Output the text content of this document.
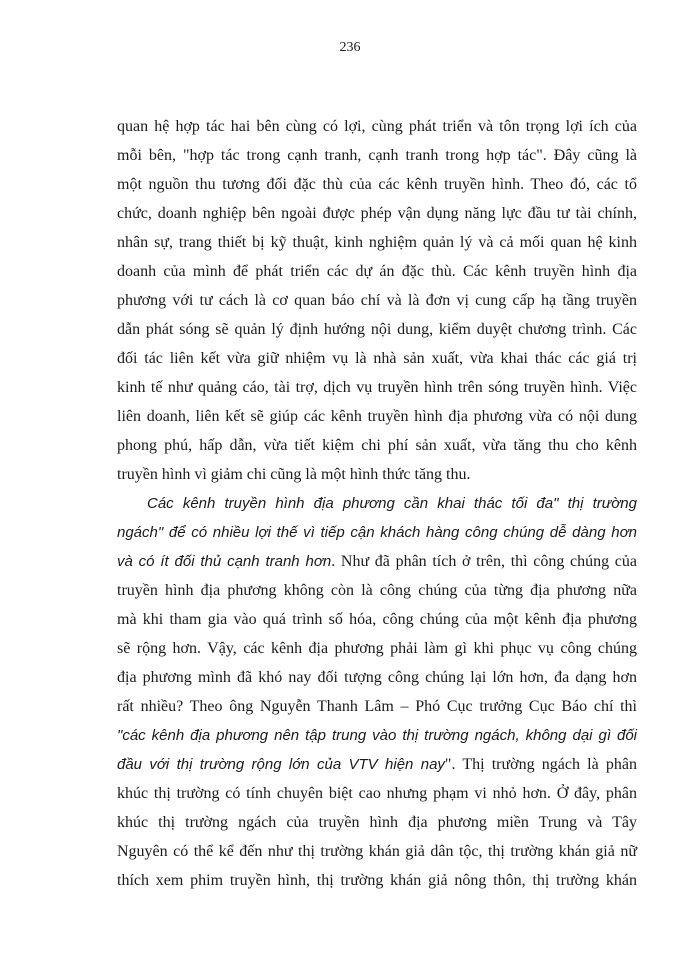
236
quan hệ hợp tác hai bên cùng có lợi, cùng phát triển và tôn trọng lợi ích của
mỗi bên, "hợp tác trong cạnh tranh, cạnh tranh trong hợp tác". Đây cũng là
một nguồn thu tương đối đặc thù của các kênh truyền hình. Theo đó, các tổ
chức, doanh nghiệp bên ngoài được phép vận dụng năng lực đầu tư tài chính,
nhân sự, trang thiết bị kỹ thuật, kinh nghiệm quản lý và cả mối quan hệ kinh
doanh của mình để phát triển các dự án đặc thù. Các kênh truyền hình địa
phương với tư cách là cơ quan báo chí và là đơn vị cung cấp hạ tầng truyền
dẫn phát sóng sẽ quản lý định hướng nội dung, kiểm duyệt chương trình. Các
đối tác liên kết vừa giữ nhiệm vụ là nhà sản xuất, vừa khai thác các giá trị
kinh tế như quảng cáo, tài trợ, dịch vụ truyền hình trên sóng truyền hình. Việc
liên doanh, liên kết sẽ giúp các kênh truyền hình địa phương vừa có nội dung
phong phú, hấp dẫn, vừa tiết kiệm chi phí sản xuất, vừa tăng thu cho kênh
truyền hình vì giảm chi cũng là một hình thức tăng thu.
Các kênh truyền hình địa phương cần khai thác tối đa" thị trường
ngách" để có nhiều lợi thế vì tiếp cận khách hàng công chúng dễ dàng hơn
và có ít đối thủ cạnh tranh hơn. Như đã phân tích ở trên, thì công chúng của
truyền hình địa phương không còn là công chúng của từng địa phương nữa
mà khi tham gia vào quá trình số hóa, công chúng của một kênh địa phương
sẽ rộng hơn. Vậy, các kênh địa phương phải làm gì khi phục vụ công chúng
địa phương mình đã khó nay đối tượng công chúng lại lớn hơn, đa dạng hơn
rất nhiều? Theo ông Nguyễn Thanh Lâm – Phó Cục trưởng Cục Báo chí thì
"các kênh địa phương nên tập trung vào thị trường ngách, không dại gì đối
đầu với thị trường rộng lớn của VTV hiện nay". Thị trường ngách là phân
khúc thị trường có tính chuyên biệt cao nhưng phạm vi nhỏ hơn. Ở đây, phân
khúc thị trường ngách của truyền hình địa phương miền Trung và Tây
Nguyên có thể kể đến như thị trường khán giả dân tộc, thị trường khán giả nữ
thích xem phim truyền hình, thị trường khán giả nông thôn, thị trường khán
